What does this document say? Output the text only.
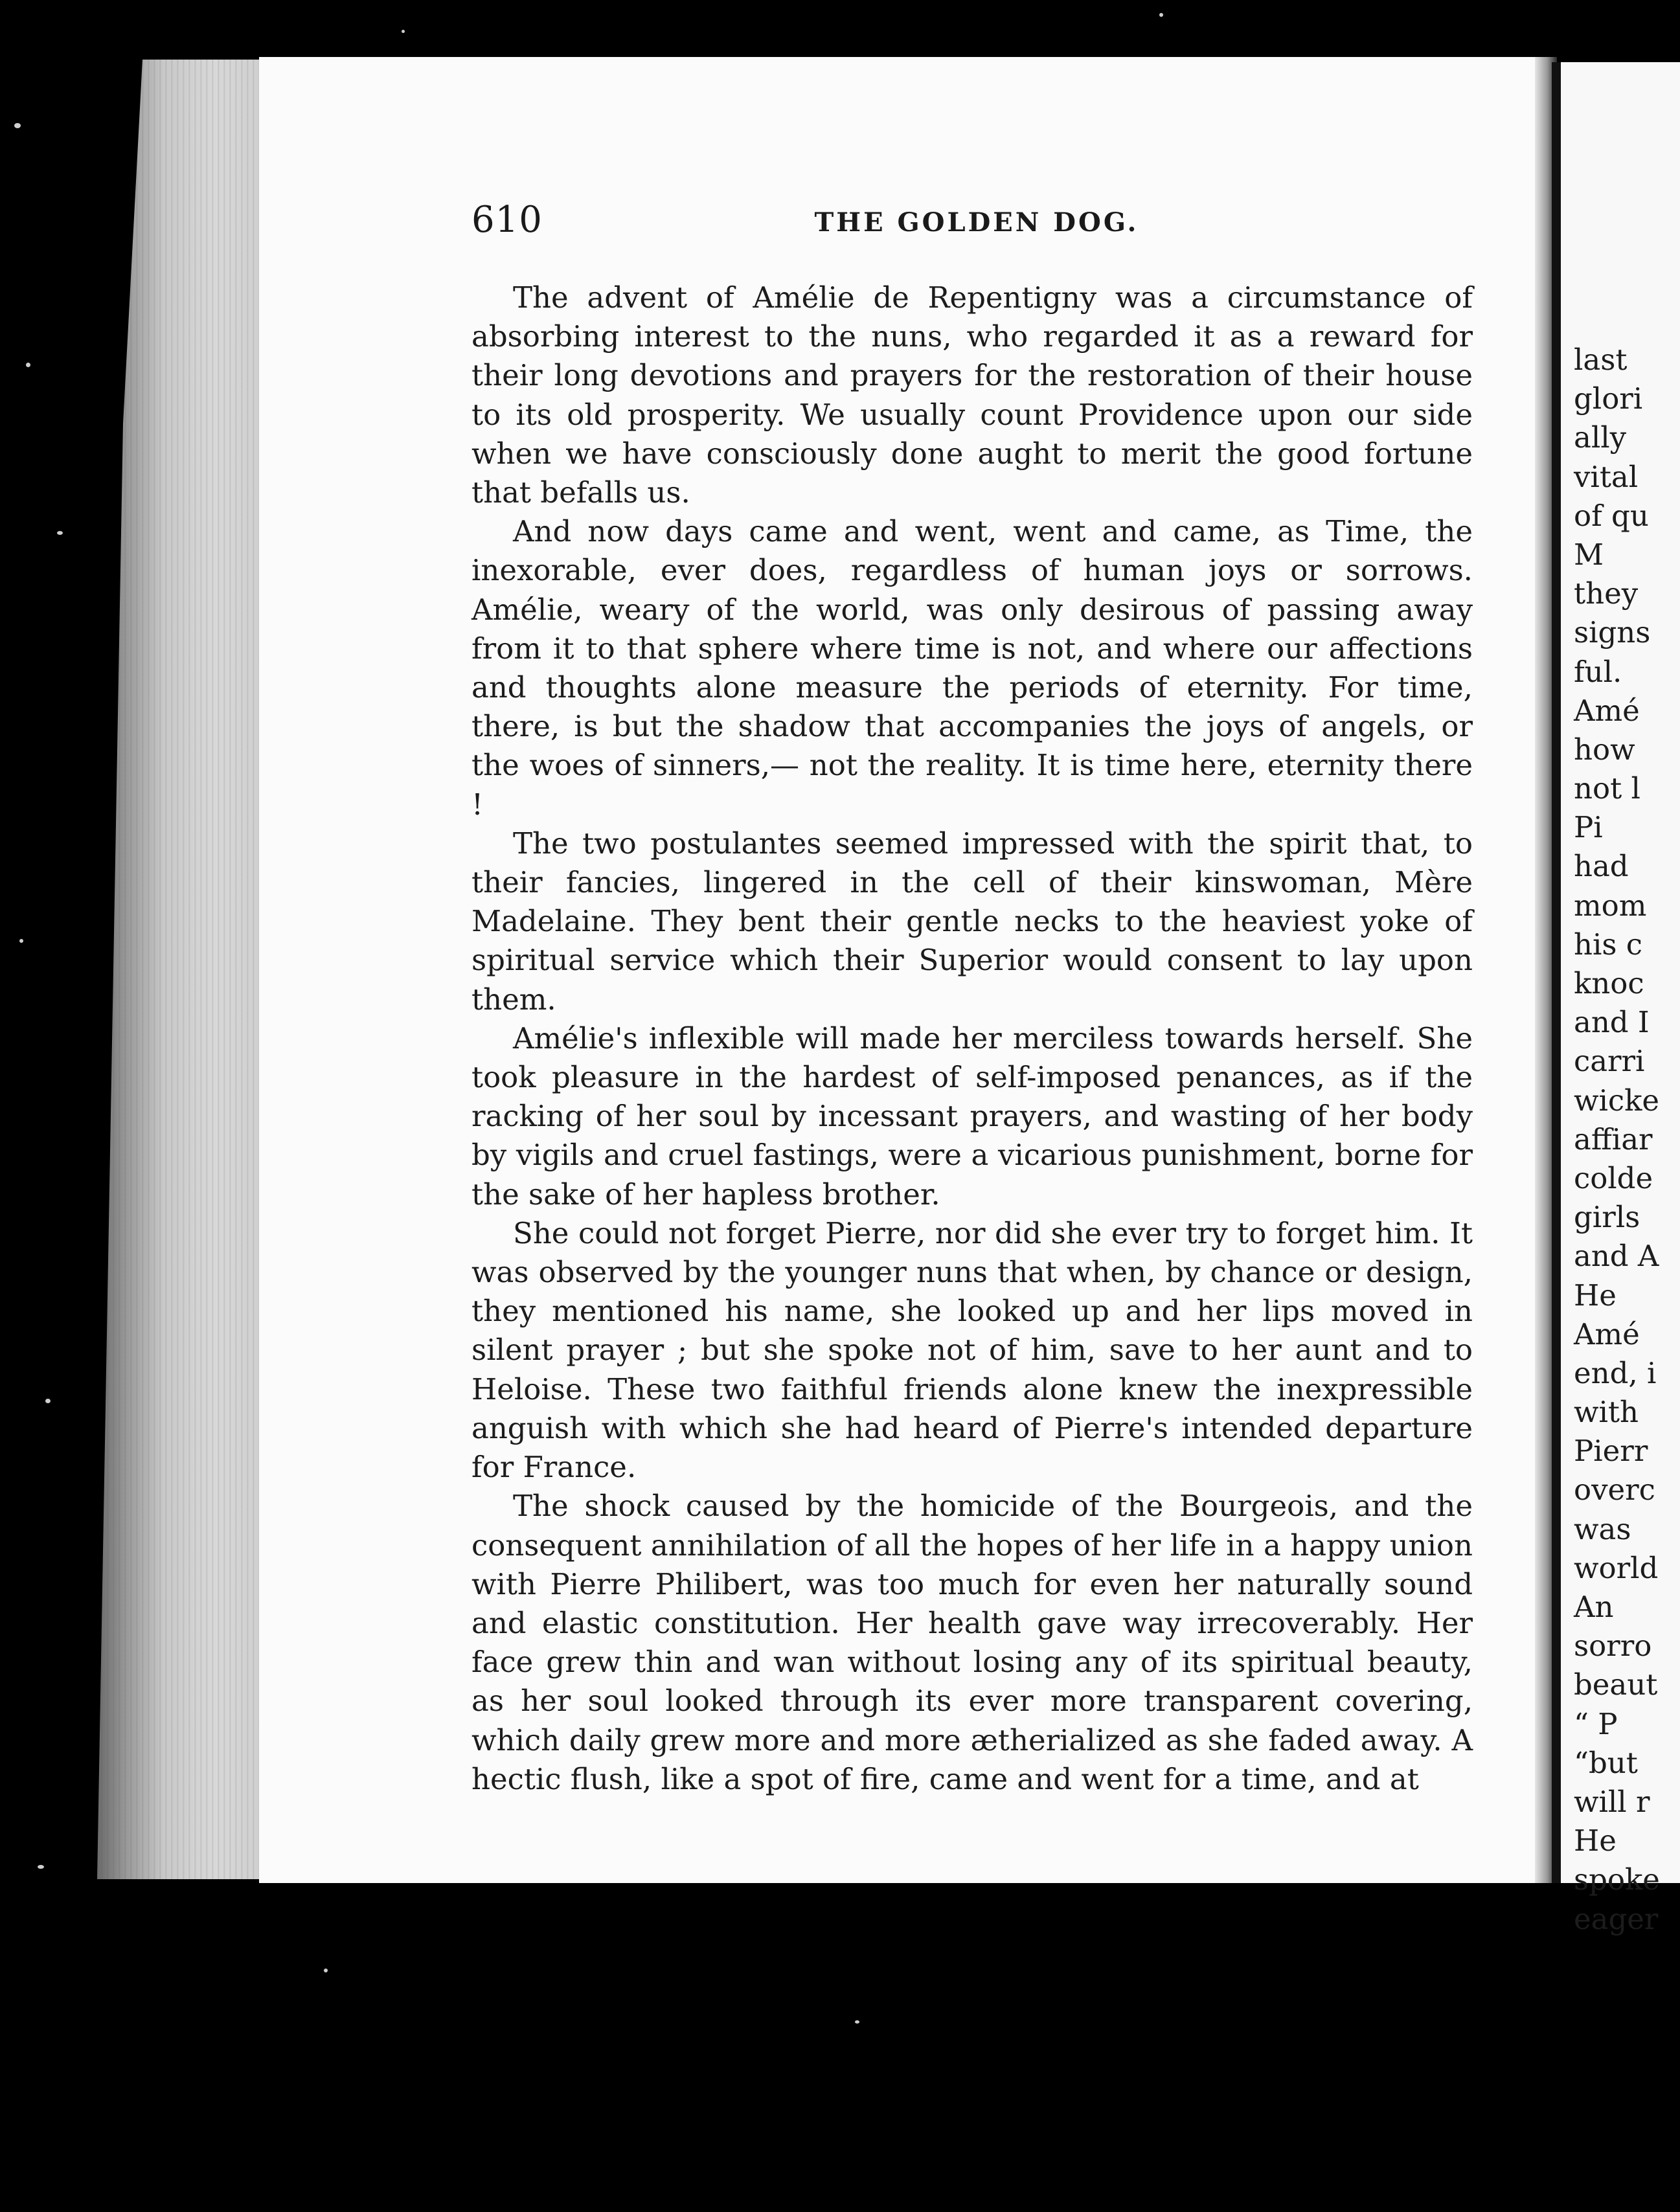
last
glori
ally
vital
of qu
M
they
signs
ful.
Amé
how
not l
Pi
had
mom
his c
knoc
and I
carri
wicke
affiar
colde
girls
and A
He
Amé
end, i
with
Pierr
overc
was
world
An
sorro
beaut
“ P
“but
will r
He
spoke
eager
610	THE GOLDEN DOG.

The advent of Amélie de Repentigny was a circumstance of absorbing interest to the nuns, who regarded it as a reward for their long devotions and prayers for the restoration of their house to its old prosperity. We usually count Providence upon our side when we have consciously done aught to merit the good fortune that befalls us.

And now days came and went, went and came, as Time, the inexorable, ever does, regardless of human joys or sorrows. Amélie, weary of the world, was only desirous of passing away from it to that sphere where time is not, and where our affections and thoughts alone measure the periods of eternity. For time, there, is but the shadow that accompanies the joys of angels, or the woes of sinners,— not the reality. It is time here, eternity there !

The two postulantes seemed impressed with the spirit that, to their fancies, lingered in the cell of their kinswoman, Mère Madelaine. They bent their gentle necks to the heaviest yoke of spiritual service which their Superior would consent to lay upon them.

Amélie's inflexible will made her merciless towards herself. She took pleasure in the hardest of self-imposed penances, as if the racking of her soul by incessant prayers, and wasting of her body by vigils and cruel fastings, were a vicarious punishment, borne for the sake of her hapless brother.

She could not forget Pierre, nor did she ever try to forget him. It was observed by the younger nuns that when, by chance or design, they mentioned his name, she looked up and her lips moved in silent prayer ; but she spoke not of him, save to her aunt and to Heloise. These two faithful friends alone knew the inexpressible anguish with which she had heard of Pierre's intended departure for France.

The shock caused by the homicide of the Bourgeois, and the consequent annihilation of all the hopes of her life in a happy union with Pierre Philibert, was too much for even her naturally sound and elastic constitution. Her health gave way irrecoverably. Her face grew thin and wan without losing any of its spiritual beauty, as her soul looked through its ever more transparent covering, which daily grew more and more ætherialized as she faded away. A hectic flush, like a spot of fire, came and went for a time, and at
